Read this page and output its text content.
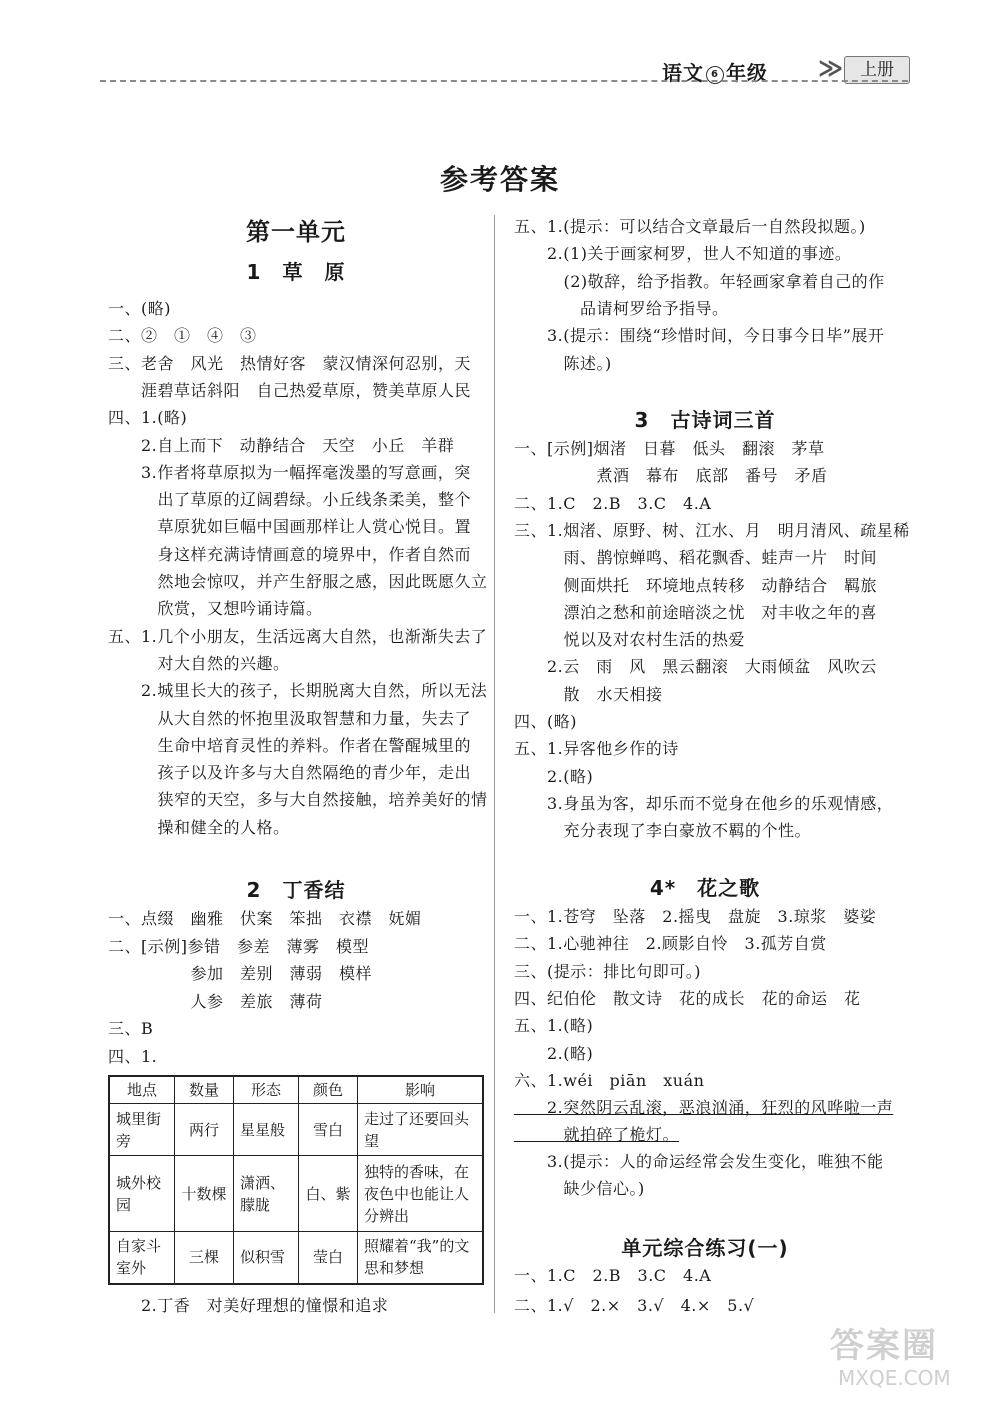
语文 6 年级 ≫	上册
参考答案
第一单元
1　草　原
一、(略)
二、②　①　④　③
三、老舍　风光　热情好客　蒙汉情深何忍别，天
　　涯碧草话斜阳　自己热爱草原，赞美草原人民
四、1.(略)
　　2.自上而下　动静结合　天空　小丘　羊群
　　3.作者将草原拟为一幅挥毫泼墨的写意画，突
　　　出了草原的辽阔碧绿。小丘线条柔美，整个
　　　草原犹如巨幅中国画那样让人赏心悦目。置
　　　身这样充满诗情画意的境界中，作者自然而
　　　然地会惊叹，并产生舒服之感，因此既愿久立
　　　欣赏，又想吟诵诗篇。
五、1.几个小朋友，生活远离大自然，也渐渐失去了
　　　对大自然的兴趣。
　　2.城里长大的孩子，长期脱离大自然，所以无法
　　　从大自然的怀抱里汲取智慧和力量，失去了
　　　生命中培育灵性的养料。作者在警醒城里的
　　　孩子以及许多与大自然隔绝的青少年，走出
　　　狭窄的天空，多与大自然接触，培养美好的情
　　　操和健全的人格。
2　丁香结
一、点缀　幽雅　伏案　笨拙　衣襟　妩媚
二、[示例]参错　参差　薄雾　模型
　　　　　参加　差别　薄弱　模样
　　　　　人参　差旅　薄荷
三、B
四、1.
地点	数量	形态	颜色	影响
城里街旁	两行	星星般	雪白	走过了还要回头望
城外校园	十数棵	潇洒、朦胧	白、紫	独特的香味，在夜色中也能让人分辨出
自家斗室外	三棵	似积雪	莹白	照耀着“我”的文思和梦想
　　2.丁香　对美好理想的憧憬和追求
五、1.(提示：可以结合文章最后一自然段拟题。)
　　2.(1)关于画家柯罗，世人不知道的事迹。
　　　(2)敬辞，给予指教。年轻画家拿着自己的作
　　　　品请柯罗给予指导。
　　3.(提示：围绕“珍惜时间，今日事今日毕”展开
　　　陈述。)
3　古诗词三首
一、[示例]烟渚　日暮　低头　翻滚　茅草
　　　　　煮酒　幕布　底部　番号　矛盾
二、1.C　2.B　3.C　4.A
三、1.烟渚、原野、树、江水、月　明月清风、疏星稀
　　　雨、鹊惊蝉鸣、稻花飘香、蛙声一片　时间
　　　侧面烘托　环境地点转移　动静结合　羁旅
　　　漂泊之愁和前途暗淡之忧　对丰收之年的喜
　　　悦以及对农村生活的热爱
　　2.云　雨　风　黑云翻滚　大雨倾盆　风吹云
　　　散　水天相接
四、(略)
五、1.异客他乡作的诗
　　2.(略)
　　3.身虽为客，却乐而不觉身在他乡的乐观情感，
　　　充分表现了李白豪放不羁的个性。
4*　花之歌
一、1.苍穹　坠落　2.摇曳　盘旋　3.琼浆　婆娑
二、1.心驰神往　2.顾影自怜　3.孤芳自赏
三、(提示：排比句即可。)
四、纪伯伦　散文诗　花的成长　花的命运　花
五、1.(略)
　　2.(略)
六、1.wéi　piān　xuán
　　2.突然阴云乱滚，恶浪汹涌，狂烈的风哗啦一声
　　　就拍碎了桅灯。
　　3.(提示：人的命运经常会发生变化，唯独不能
　　　缺少信心。)
单元综合练习(一)
一、1.C　2.B　3.C　4.A
二、1.√　2.×　3.√　4.×　5.√
答案圈
MXQE.COM
